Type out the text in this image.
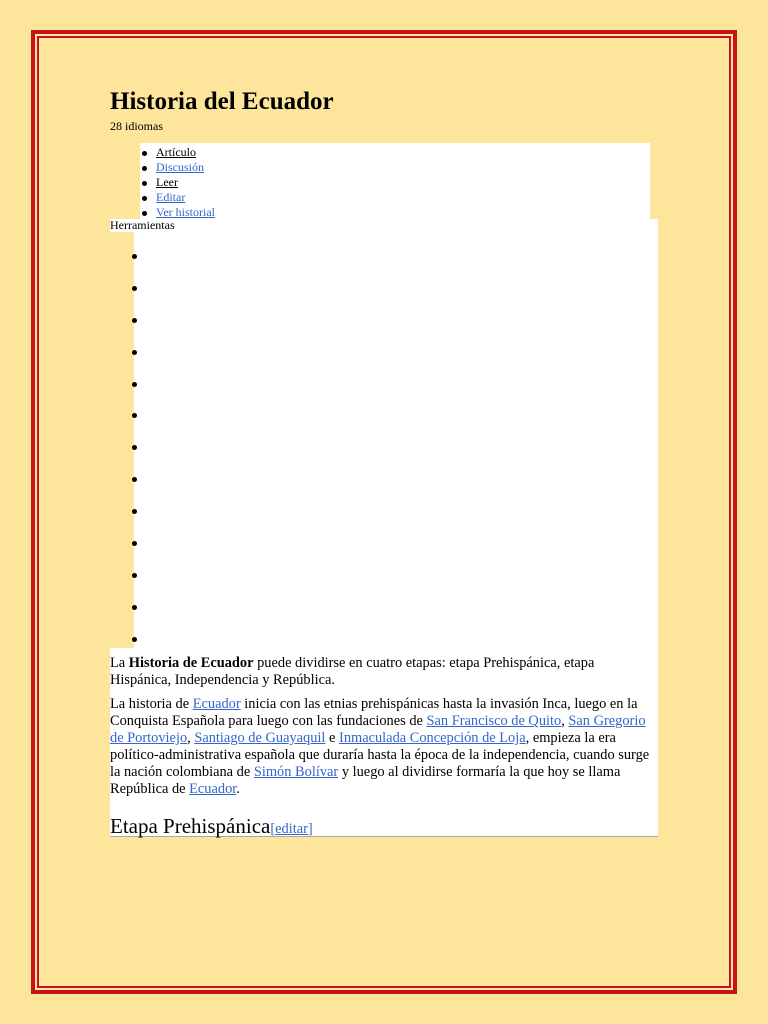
Historia del Ecuador
28 idiomas
Artículo
Discusión
Leer
Editar
Ver historial
Herramientas

La Historia de Ecuador puede dividirse en cuatro etapas: etapa Prehispánica, etapa Hispánica, Independencia y República.

La historia de Ecuador inicia con las etnias prehispánicas hasta la invasión Inca, luego en la Conquista Española para luego con las fundaciones de San Francisco de Quito, San Gregorio de Portoviejo, Santiago de Guayaquil e Inmaculada Concepción de Loja, empieza la era político-administrativa española que duraría hasta la época de la independencia, cuando surge la nación colombiana de Simón Bolívar y luego al dividirse formaría la que hoy se llama República de Ecuador.

Etapa Prehispánica[editar]
